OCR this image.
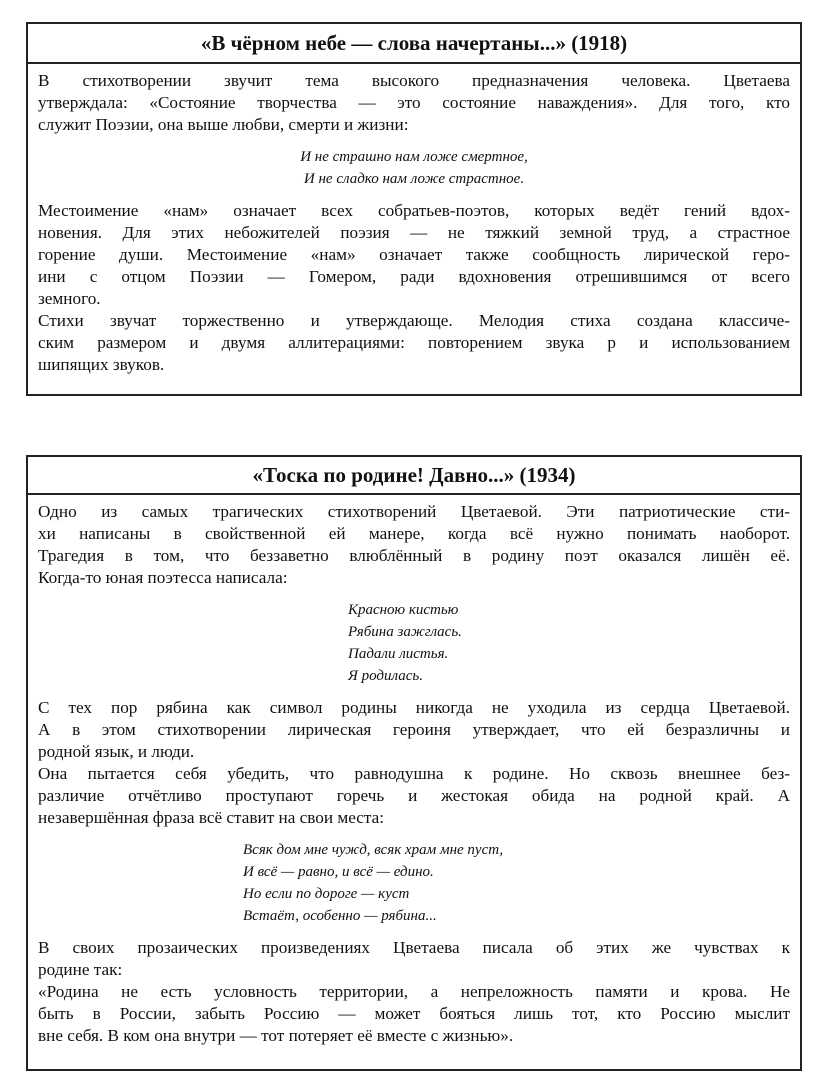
«В чёрном небе — слова начертаны...» (1918)
В стихотворении звучит тема высокого предназначения человека. Цветаева
утверждала: «Состояние творчества — это состояние наваждения». Для того, кто
служит Поэзии, она выше любви, смерти и жизни:
И не страшно нам ложе смертное,
И не сладко нам ложе страстное.
Местоимение «нам» означает всех собратьев-поэтов, которых ведёт гений вдох-
новения. Для этих небожителей поэзия — не тяжкий земной труд, а страстное
горение души. Местоимение «нам» означает также сообщность лирической геро-
ини с отцом Поэзии — Гомером, ради вдохновения отрешившимся от всего
земного.
Стихи звучат торжественно и утверждающе. Мелодия стиха создана классиче-
ским размером и двумя аллитерациями: повторением звука р и использованием
шипящих звуков.
«Тоска по родине! Давно...» (1934)
Одно из самых трагических стихотворений Цветаевой. Эти патриотические сти-
хи написаны в свойственной ей манере, когда всё нужно понимать наоборот.
Трагедия в том, что беззаветно влюблённый в родину поэт оказался лишён её.
Когда-то юная поэтесса написала:
Красною кистью
Рябина зажглась.
Падали листья.
Я родилась.
С тех пор рябина как символ родины никогда не уходила из сердца Цветаевой.
А в этом стихотворении лирическая героиня утверждает, что ей безразличны и
родной язык, и люди.
Она пытается себя убедить, что равнодушна к родине. Но сквозь внешнее без-
различие отчётливо проступают горечь и жестокая обида на родной край. А
незавершённая фраза всё ставит на свои места:
Всяк дом мне чужд, всяк храм мне пуст,
И всё — равно, и всё — едино.
Но если по дороге — куст
Встаёт, особенно — рябина...
В своих прозаических произведениях Цветаева писала об этих же чувствах к
родине так:
«Родина не есть условность территории, а непреложность памяти и крова. Не
быть в России, забыть Россию — может бояться лишь тот, кто Россию мыслит
вне себя. В ком она внутри — тот потеряет её вместе с жизнью».
